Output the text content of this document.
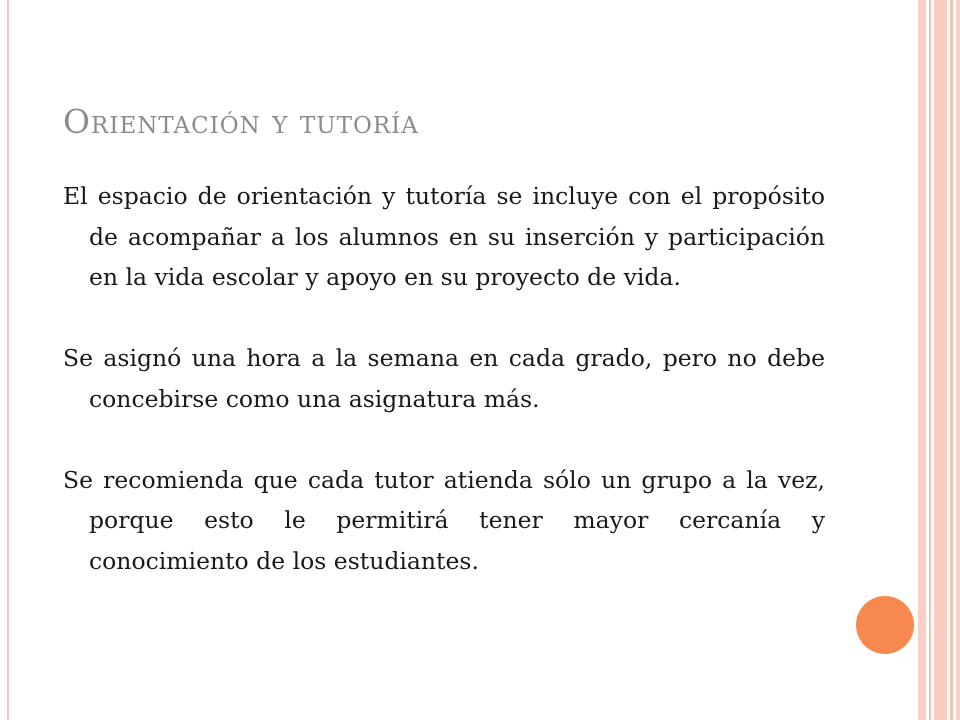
Orientación y tutoría

El espacio de orientación y tutoría se incluye con el propósito de acompañar a los alumnos en su inserción y participación en la vida escolar y apoyo en su proyecto de vida.

Se asignó una hora a la semana en cada grado, pero no debe concebirse como una asignatura más.

Se recomienda que cada tutor atienda sólo un grupo a la vez, porque esto le permitirá tener mayor cercanía y conocimiento de los estudiantes.
